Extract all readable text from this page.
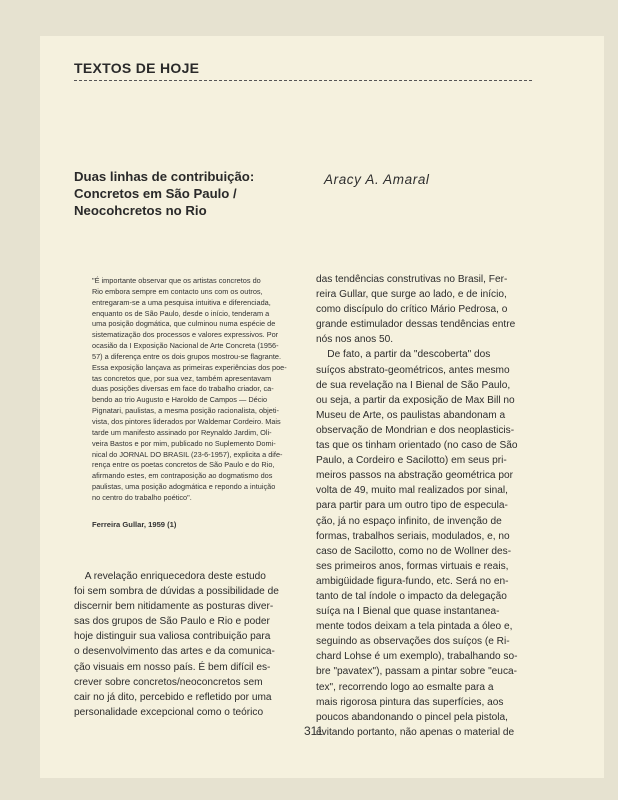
TEXTOS DE HOJE
Duas linhas de contribuição:
Concretos em São Paulo /
Neocohcretos no Rio
Aracy A. Amaral
"É importante observar que os artistas concretos do
Rio embora sempre em contacto uns com os outros,
entregaram-se a uma pesquisa intuitiva e diferenciada,
enquanto os de São Paulo, desde o início, tenderam a
uma posição dogmática, que culminou numa espécie de
sistematização dos processos e valores expressivos. Por
ocasião da I Exposição Nacional de Arte Concreta (1956-
57) a diferença entre os dois grupos mostrou-se flagrante.
Essa exposição lançava as primeiras experiências dos poe-
tas concretos que, por sua vez, também apresentavam
duas posições diversas em face do trabalho criador, ca-
bendo ao trio Augusto e Haroldo de Campos — Décio
Pignatari, paulistas, a mesma posição racionalista, objeti-
vista, dos pintores liderados por Waldemar Cordeiro. Mais
tarde um manifesto assinado por Reynaldo Jardim, Oli-
veira Bastos e por mim, publicado no Suplemento Domi-
nical do JORNAL DO BRASIL (23-6-1957), explicita a dife-
rença entre os poetas concretos de São Paulo e do Rio,
afirmando estes, em contraposição ao dogmatismo dos
paulistas, uma posição adogmática e repondo a intuição
no centro do trabalho poético".
Ferreira Gullar, 1959 (1)
A revelação enriquecedora deste estudo
foi sem sombra de dúvidas a possibilidade de
discernir bem nitidamente as posturas diver-
sas dos grupos de São Paulo e Rio e poder
hoje distinguir sua valiosa contribuição para
o desenvolvimento das artes e da comunica-
ção visuais em nosso país. É bem difícil es-
crever sobre concretos/neoconcretos sem
cair no já dito, percebido e refletido por uma
personalidade excepcional como o teórico
das tendências construtivas no Brasil, Fer-
reira Gullar, que surge ao lado, e de início,
como discípulo do crítico Mário Pedrosa, o
grande estimulador dessas tendências entre
nós nos anos 50.
De fato, a partir da "descoberta" dos
suíços abstrato-geométricos, antes mesmo
de sua revelação na I Bienal de São Paulo,
ou seja, a partir da exposição de Max Bill no
Museu de Arte, os paulistas abandonam a
observação de Mondrian e dos neoplasticis-
tas que os tinham orientado (no caso de São
Paulo, a Cordeiro e Sacilotto) em seus pri-
meiros passos na abstração geométrica por
volta de 49, muito mal realizados por sinal,
para partir para um outro tipo de especula-
ção, já no espaço infinito, de invenção de
formas, trabalhos seriais, modulados, e, no
caso de Sacilotto, como no de Wollner des-
ses primeiros anos, formas virtuais e reais,
ambigüidade figura-fundo, etc. Será no en-
tanto de tal índole o impacto da delegação
suíça na I Bienal que quase instantanea-
mente todos deixam a tela pintada a óleo e,
seguindo as observações dos suíços (e Ri-
chard Lohse é um exemplo), trabalhando so-
bre "pavatex"), passam a pintar sobre "euca-
tex", recorrendo logo ao esmalte para a
mais rigorosa pintura das superfícies, aos
poucos abandonando o pincel pela pistola,
evitando portanto, não apenas o material de
311
